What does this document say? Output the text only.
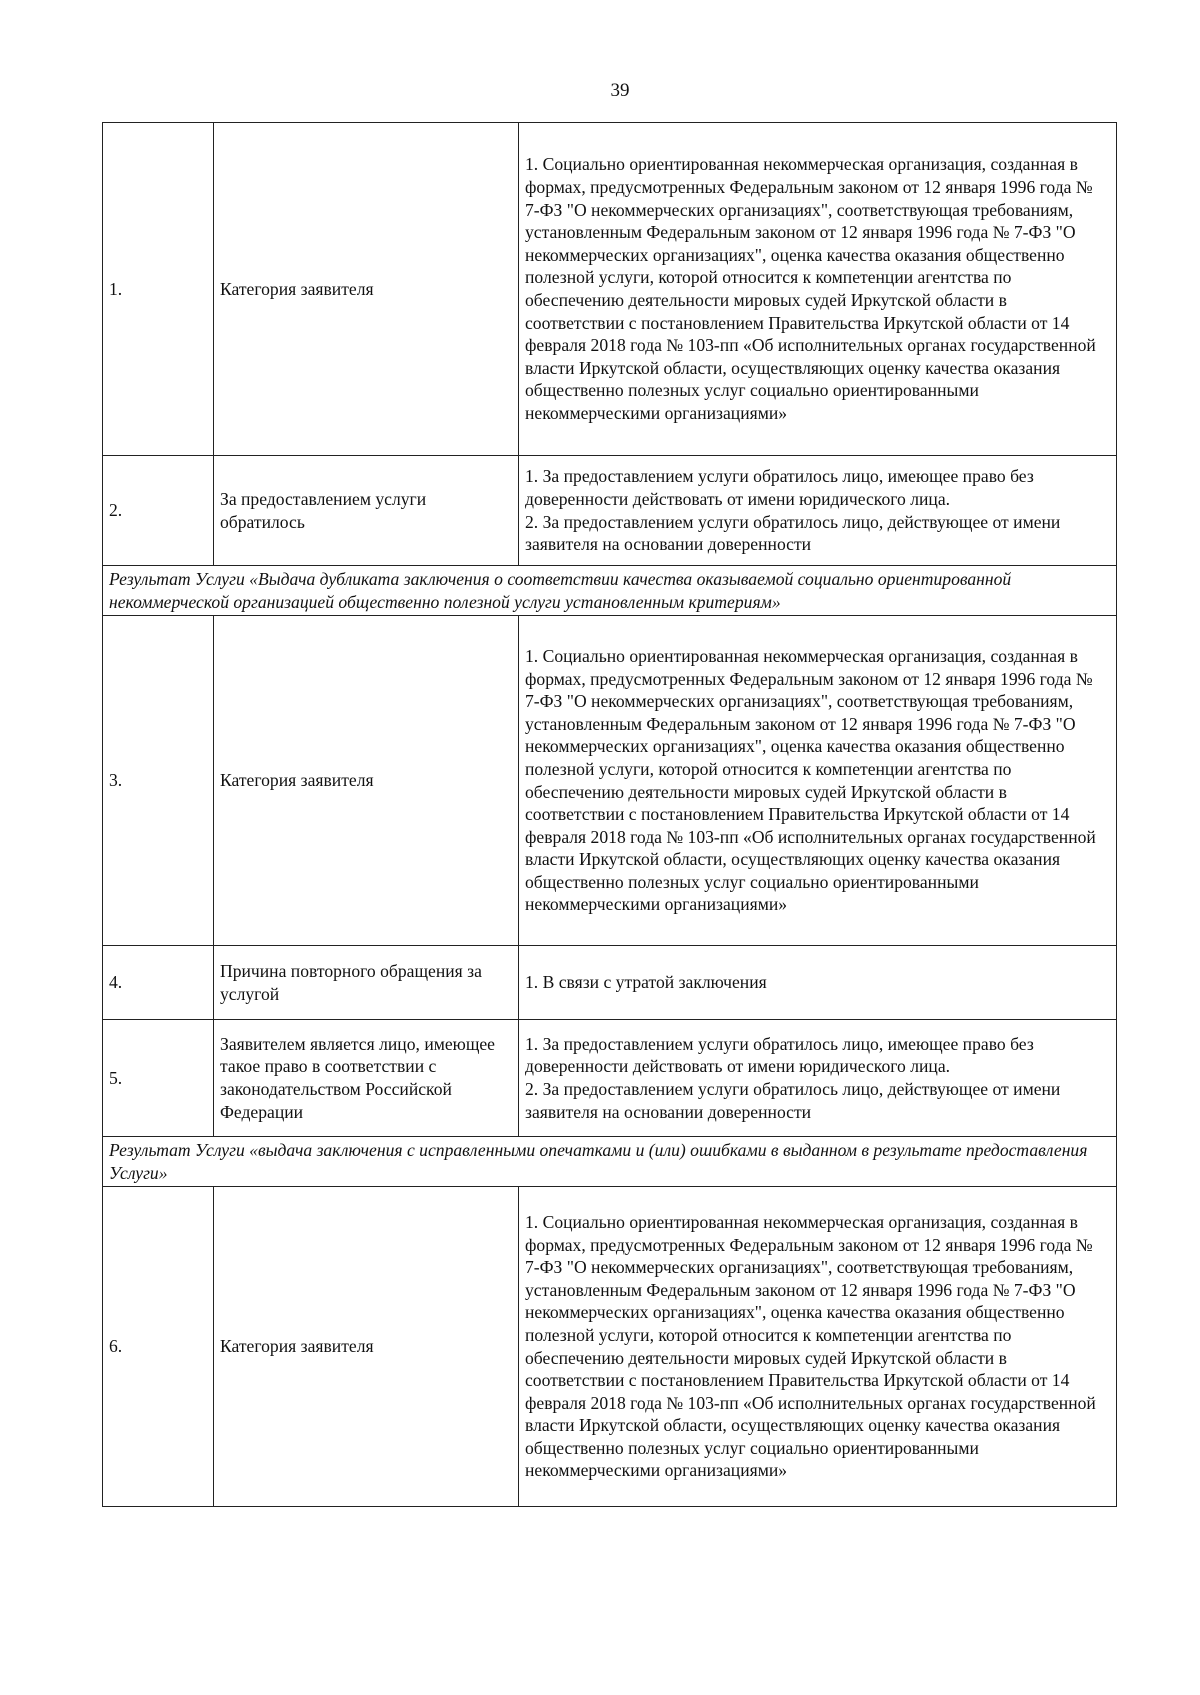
39
1.	Категория заявителя	1. Социально ориентированная некоммерческая организация, созданная в формах, предусмотренных Федеральным законом от 12 января 1996 года № 7-ФЗ "О некоммерческих организациях", соответствующая требованиям, установленным Федеральным законом от 12 января 1996 года № 7-ФЗ "О некоммерческих организациях", оценка качества оказания общественно полезной услуги, которой относится к компетенции агентства по обеспечению деятельности мировых судей Иркутской области в соответствии с постановлением Правительства Иркутской области от 14 февраля 2018 года № 103-пп «Об исполнительных органах государственной власти Иркутской области, осуществляющих оценку качества оказания общественно полезных услуг социально ориентированными некоммерческими организациями»
2.	За предоставлением услуги обратилось	1. За предоставлением услуги обратилось лицо, имеющее право без доверенности действовать от имени юридического лица.
2. За предоставлением услуги обратилось лицо, действующее от имени заявителя на основании доверенности

Результат Услуги «Выдача дубликата заключения о соответствии качества оказываемой социально ориентированной некоммерческой организацией общественно полезной услуги установленным критериям»		
3.	Категория заявителя	1. Социально ориентированная некоммерческая организация, созданная в формах, предусмотренных Федеральным законом от 12 января 1996 года № 7-ФЗ "О некоммерческих организациях", соответствующая требованиям, установленным Федеральным законом от 12 января 1996 года № 7-ФЗ "О некоммерческих организациях", оценка качества оказания общественно полезной услуги, которой относится к компетенции агентства по обеспечению деятельности мировых судей Иркутской области в соответствии с постановлением Правительства Иркутской области от 14 февраля 2018 года № 103-пп «Об исполнительных органах государственной власти Иркутской области, осуществляющих оценку качества оказания общественно полезных услуг социально ориентированными некоммерческими организациями»
4.	Причина повторного обращения за услугой	1. В связи с утратой заключения
5.	Заявителем является лицо, имеющее такое право в соответствии с законодательством Российской Федерации	1. За предоставлением услуги обратилось лицо, имеющее право без доверенности действовать от имени юридического лица.
2. За предоставлением услуги обратилось лицо, действующее от имени заявителя на основании доверенности

Результат Услуги «выдача заключения с исправленными опечатками и (или) ошибками в выданном в результате предоставления Услуги»		
6.	Категория заявителя	1. Социально ориентированная некоммерческая организация, созданная в формах, предусмотренных Федеральным законом от 12 января 1996 года № 7-ФЗ "О некоммерческих организациях", соответствующая требованиям, установленным Федеральным законом от 12 января 1996 года № 7-ФЗ "О некоммерческих организациях", оценка качества оказания общественно полезной услуги, которой относится к компетенции агентства по обеспечению деятельности мировых судей Иркутской области в соответствии с постановлением Правительства Иркутской области от 14 февраля 2018 года № 103-пп «Об исполнительных органах государственной власти Иркутской области, осуществляющих оценку качества оказания общественно полезных услуг социально ориентированными некоммерческими организациями»
